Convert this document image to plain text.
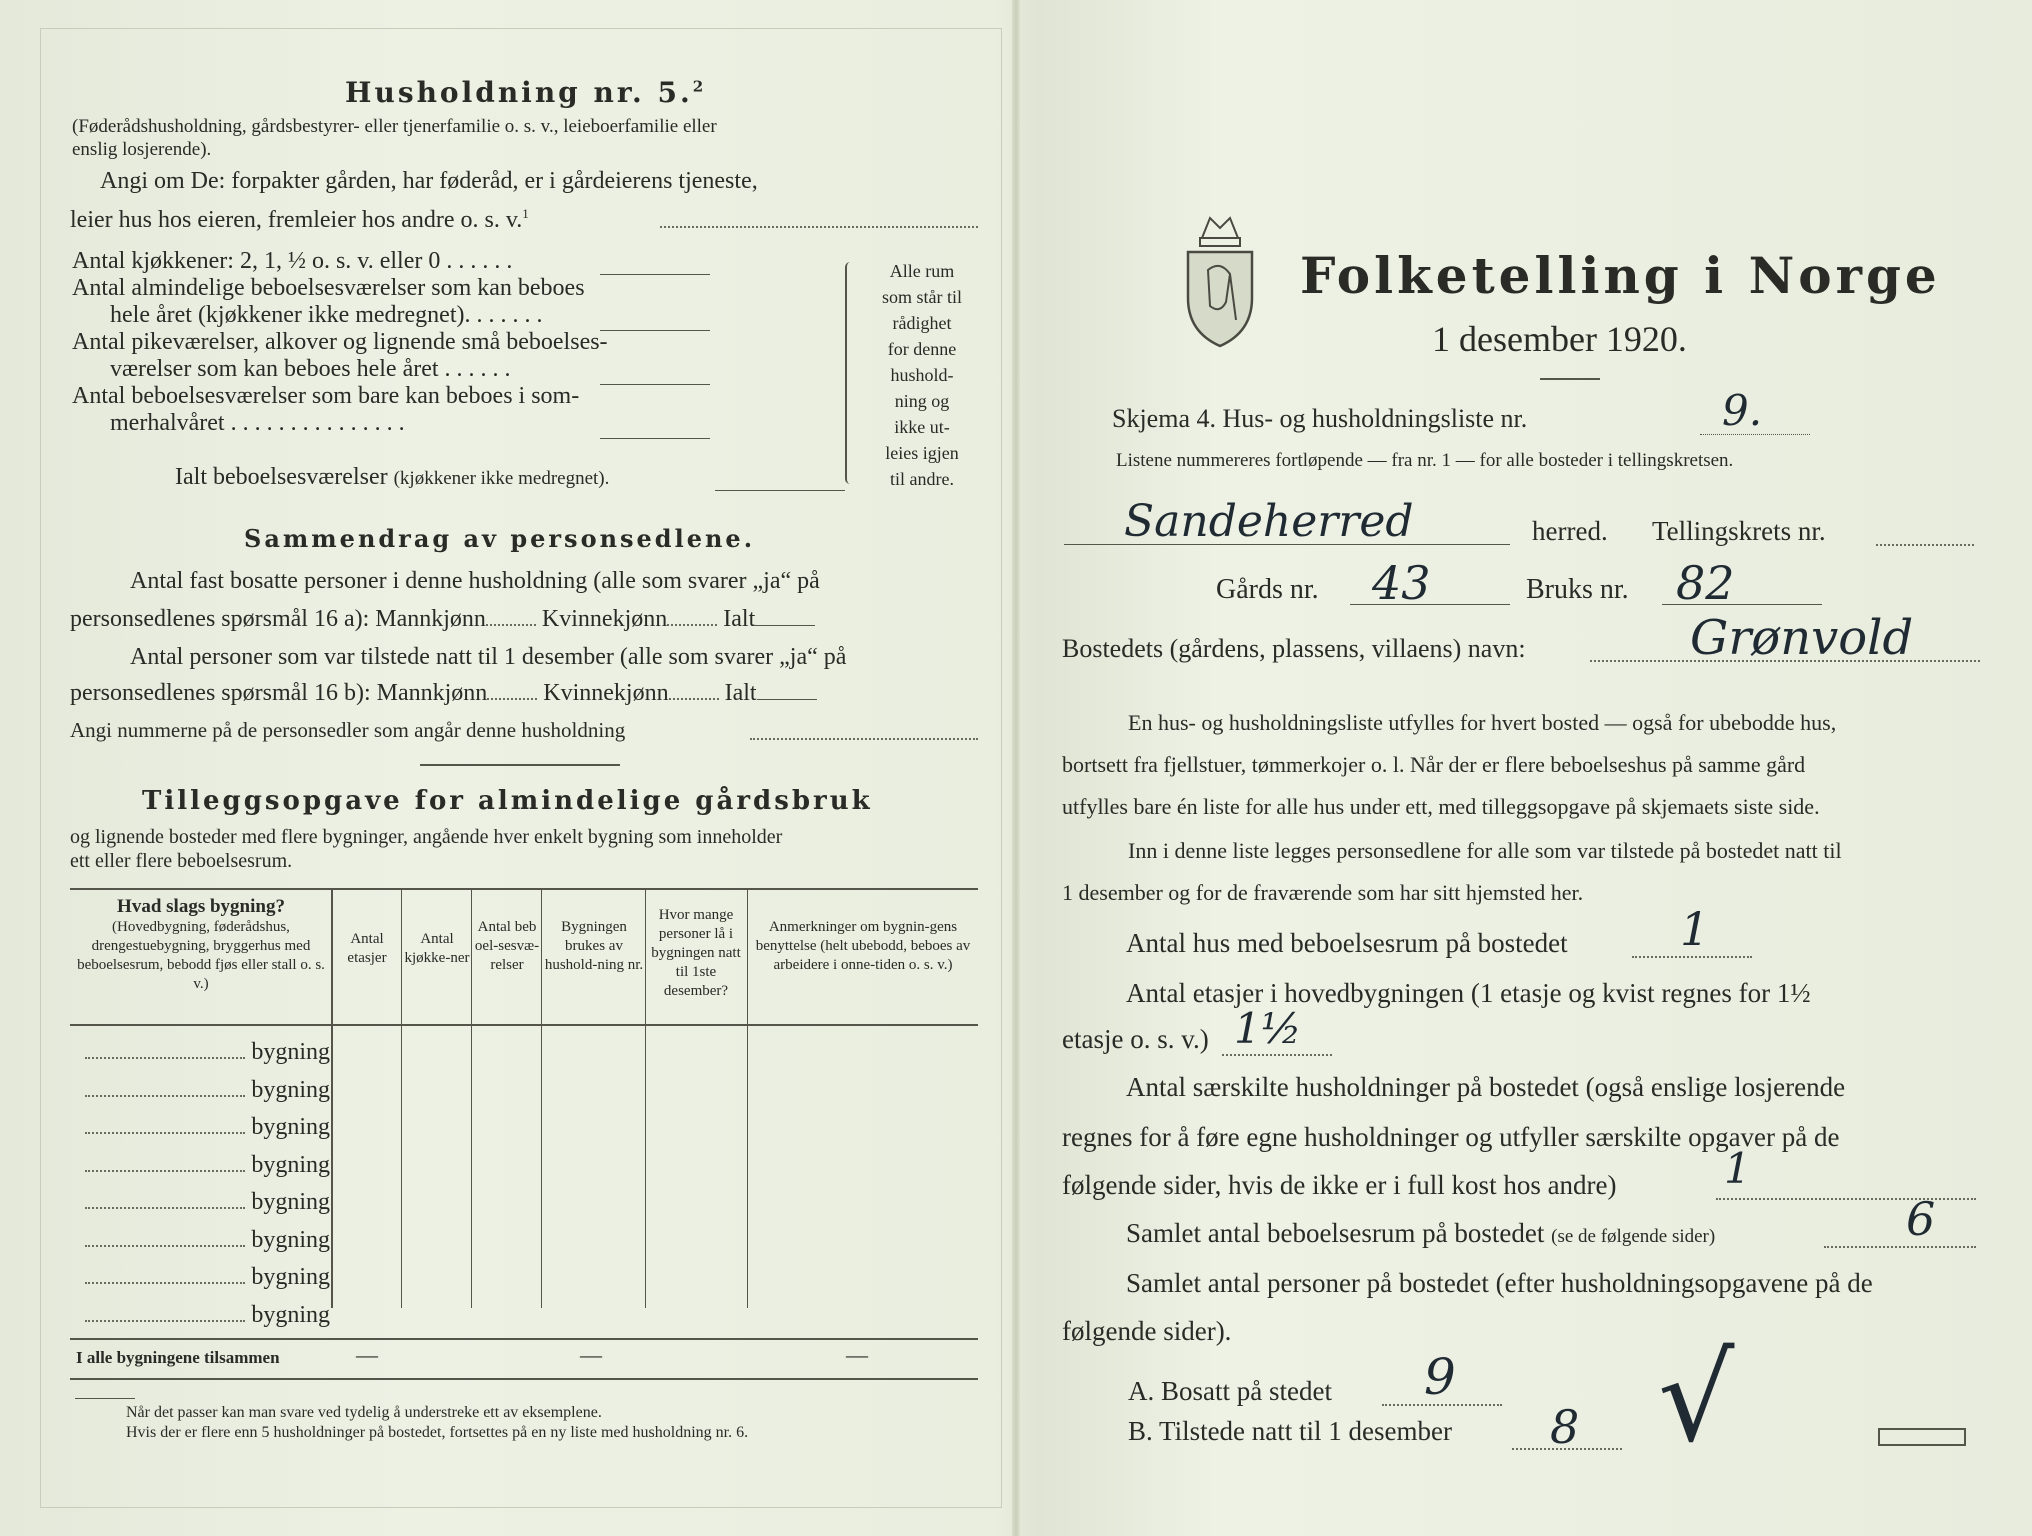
Husholdning nr. 5.$^2$
(Føderådshusholdning, gårdsbestyrer- eller tjenerfamilie o. s. v., leieboerfamilie eller
enslig losjerende).
Angi om De: forpakter gården, har føderåd, er i gårdeierens tjeneste,
leier hus hos eieren, fremleier hos andre o. s. v.$^1$
Antal kjøkkener: 2, 1, ½ o. s. v. eller 0 . . . . . .
Antal almindelige beboelsesværelser som kan beboes
hele året (kjøkkener ikke medregnet). . . . . . .
Antal pikeværelser, alkover og lignende små beboelses-
værelser som kan beboes hele året . . . . . .
Antal beboelsesværelser som bare kan beboes i som-
merhalvåret . . . . . . . . . . . . . . .
Ialt beboelsesværelser (kjøkkener ikke medregnet).
Alle rum
som står til
rådighet
for denne
hushold-
ning og
ikke ut-
leies igjen
til andre.
Sammendrag av personsedlene.
Antal fast bosatte personer i denne husholdning (alle som svarer „ja“ på
personsedlenes spørsmål 16 a): Mannkjønn Kvinnekjønn Ialt
Antal personer som var tilstede natt til 1 desember (alle som svarer „ja“ på
personsedlenes spørsmål 16 b): Mannkjønn Kvinnekjønn Ialt
Angi nummerne på de personsedler som angår denne husholdning
Tilleggsopgave for almindelige gårdsbruk
og lignende bosteder med flere bygninger, angående hver enkelt bygning som inneholder
ett eller flere beboelsesrum.
Hvad slags bygning?
(Hovedbygning, føderådshus, drengestuebygning, bryggerhus med beboelsesrum, bebodd fjøs eller stall o. s. v.)
Antal etasjer
Antal kjøkke-ner
Antal beboel-sesvæ-relser
Bygningen brukes av hushold-ning nr.
Hvor mange personer lå i bygningen natt til 1ste desember?
Anmerkninger om bygnin-gens benyttelse (helt ubebodd, beboes av arbeidere i onne-tiden o. s. v.)
bygning
bygning
bygning
bygning
bygning
bygning
bygning
bygning
I alle bygningene tilsammen	—	—	—
Når det passer kan man svare ved tydelig å understreke ett av eksemplene.
Hvis der er flere enn 5 husholdninger på bostedet, fortsettes på en ny liste med husholdning nr. 6.
Folketelling i Norge
1 desember 1920.
Skjema 4. Hus- og husholdningsliste nr.	9.
Listene nummereres fortløpende — fra nr. 1 — for alle bosteder i tellingskretsen.
Sandeherred	herred. Tellingskrets nr.
Gårds nr. 43	Bruks nr. 82
Bostedets (gårdens, plassens, villaens) navn:	Grønvold
En hus- og husholdningsliste utfylles for hvert bosted — også for ubebodde hus,
bortsett fra fjellstuer, tømmerkojer o. l. Når der er flere beboelseshus på samme gård
utfylles bare én liste for alle hus under ett, med tilleggsopgave på skjemaets siste side.
Inn i denne liste legges personsedlene for alle som var tilstede på bostedet natt til
1 desember og for de fraværende som har sitt hjemsted her.
Antal hus med beboelsesrum på bostedet 1
Antal etasjer i hovedbygningen (1 etasje og kvist regnes for 1½
etasje o. s. v.) 1½
Antal særskilte husholdninger på bostedet (også enslige losjerende
regnes for å føre egne husholdninger og utfyller særskilte opgaver på de
følgende sider, hvis de ikke er i full kost hos andre)	1
Samlet antal beboelsesrum på bostedet (se de følgende sider)	6
Samlet antal personer på bostedet (efter husholdningsopgavene på de
følgende sider).
A. Bosatt på stedet 9
B. Tilstede natt til 1 desember 8 √
